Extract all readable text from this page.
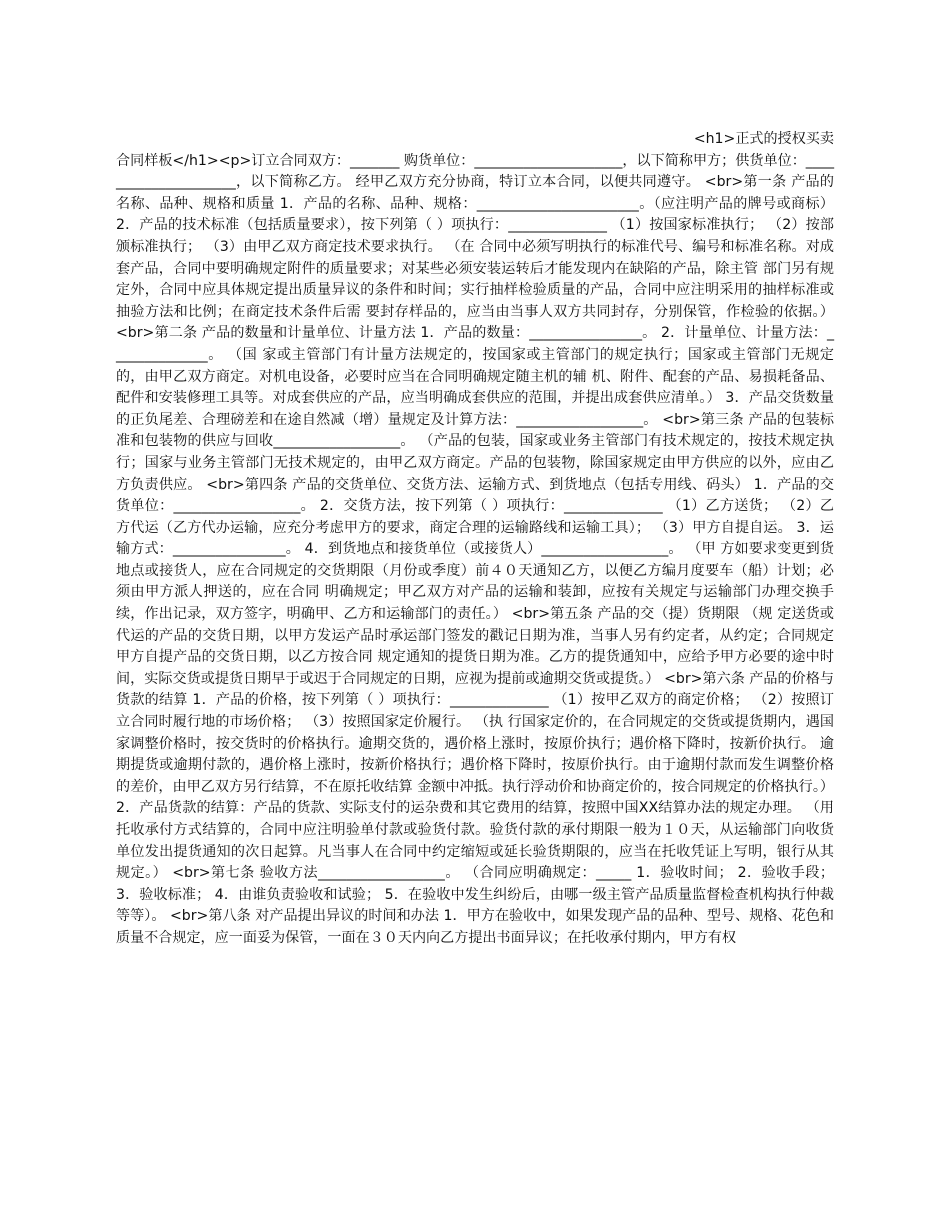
<h1>正式的授权买卖

合同样板</h1><p>订立合同双方：_______ 购货单位：_____________________，以下简称甲方；供货单位：_____________________，以下简称乙方。 经甲乙双方充分协商，特订立本合同，以便共同遵守。 <br>第一条 产品的名称、品种、规格和质量 1．产品的名称、品种、规格：_______________________。（应注明产品的牌号或商标） 2．产品的技术标准（包括质量要求），按下列第（ ）项执行：______________ （1）按国家标准执行； （2）按部颁标准执行； （3）由甲乙双方商定技术要求执行。 （在 合同中必须写明执行的标准代号、编号和标准名称。对成套产品，合同中要明确规定附件的质量要求；对某些必须安装运转后才能发现内在缺陷的产品，除主管 部门另有规定外，合同中应具体规定提出质量异议的条件和时间；实行抽样检验质量的产品，合同中应注明采用的抽样标准或抽验方法和比例；在商定技术条件后需 要封存样品的，应当由当事人双方共同封存，分别保管，作检验的依据。） <br>第二条 产品的数量和计量单位、计量方法 1．产品的数量：________________。 2．计量单位、计量方法：______________。 （国 家或主管部门有计量方法规定的，按国家或主管部门的规定执行；国家或主管部门无规定的，由甲乙双方商定。对机电设备，必要时应当在合同明确规定随主机的辅 机、附件、配套的产品、易损耗备品、配件和安装修理工具等。对成套供应的产品，应当明确成套供应的范围，并提出成套供应清单。） 3．产品交货数量的正负尾差、合理磅差和在途自然减（增）量规定及计算方法：__________________。 <br>第三条 产品的包装标准和包装物的供应与回收__________________。 （产品的包装，国家或业务主管部门有技术规定的，按技术规定执行；国家与业务主管部门无技术规定的，由甲乙双方商定。产品的包装物，除国家规定由甲方供应的以外，应由乙方负责供应。 <br>第四条 产品的交货单位、交货方法、运输方式、到货地点（包括专用线、码头） 1．产品的交货单位：__________________。 2．交货方法，按下列第（ ）项执行：______________ （1）乙方送货； （2）乙方代运（乙方代办运输，应充分考虑甲方的要求，商定合理的运输路线和运输工具）； （3）甲方自提自运。 3．运输方式：________________。 4．到货地点和接货单位（或接货人）__________________。 （甲 方如要求变更到货地点或接货人，应在合同规定的交货期限（月份或季度）前４０天通知乙方，以便乙方编月度要车（船）计划；必须由甲方派人押送的，应在合同 明确规定；甲乙双方对产品的运输和装卸，应按有关规定与运输部门办理交换手续，作出记录，双方签字，明确甲、乙方和运输部门的责任。） <br>第五条 产品的交（提）货期限 （规 定送货或代运的产品的交货日期，以甲方发运产品时承运部门签发的戳记日期为准，当事人另有约定者，从约定；合同规定甲方自提产品的交货日期，以乙方按合同 规定通知的提货日期为准。乙方的提货通知中，应给予甲方必要的途中时间，实际交货或提货日期早于或迟于合同规定的日期，应视为提前或逾期交货或提货。） <br>第六条 产品的价格与货款的结算 1．产品的价格，按下列第（ ）项执行：______________ （1）按甲乙双方的商定价格； （2）按照订立合同时履行地的市场价格； （3）按照国家定价履行。 （执 行国家定价的，在合同规定的交货或提货期内，遇国家调整价格时，按交货时的价格执行。逾期交货的，遇价格上涨时，按原价执行；遇价格下降时，按新价执行。 逾期提货或逾期付款的，遇价格上涨时，按新价格执行；遇价格下降时，按原价执行。由于逾期付款而发生调整价格的差价，由甲乙双方另行结算，不在原托收结算 金额中冲抵。执行浮动价和协商定价的，按合同规定的价格执行。） 2．产品货款的结算：产品的货款、实际支付的运杂费和其它费用的结算，按照中国XX结算办法的规定办理。 （用托收承付方式结算的，合同中应注明验单付款或验货付款。验货付款的承付期限一般为１０天，从运输部门向收货单位发出提货通知的次日起算。凡当事人在合同中约定缩短或延长验货期限的，应当在托收凭证上写明，银行从其规定。） <br>第七条 验收方法__________________。 （合同应明确规定：_____ 1．验收时间； 2．验收手段； 3．验收标准； 4．由谁负责验收和试验； 5．在验收中发生纠纷后，由哪一级主管产品质量监督检查机构执行仲裁等等）。 <br>第八条 对产品提出异议的时间和办法 1．甲方在验收中，如果发现产品的品种、型号、规格、花色和质量不合规定，应一面妥为保管，一面在３０天内向乙方提出书面异议；在托收承付期内，甲方有权
